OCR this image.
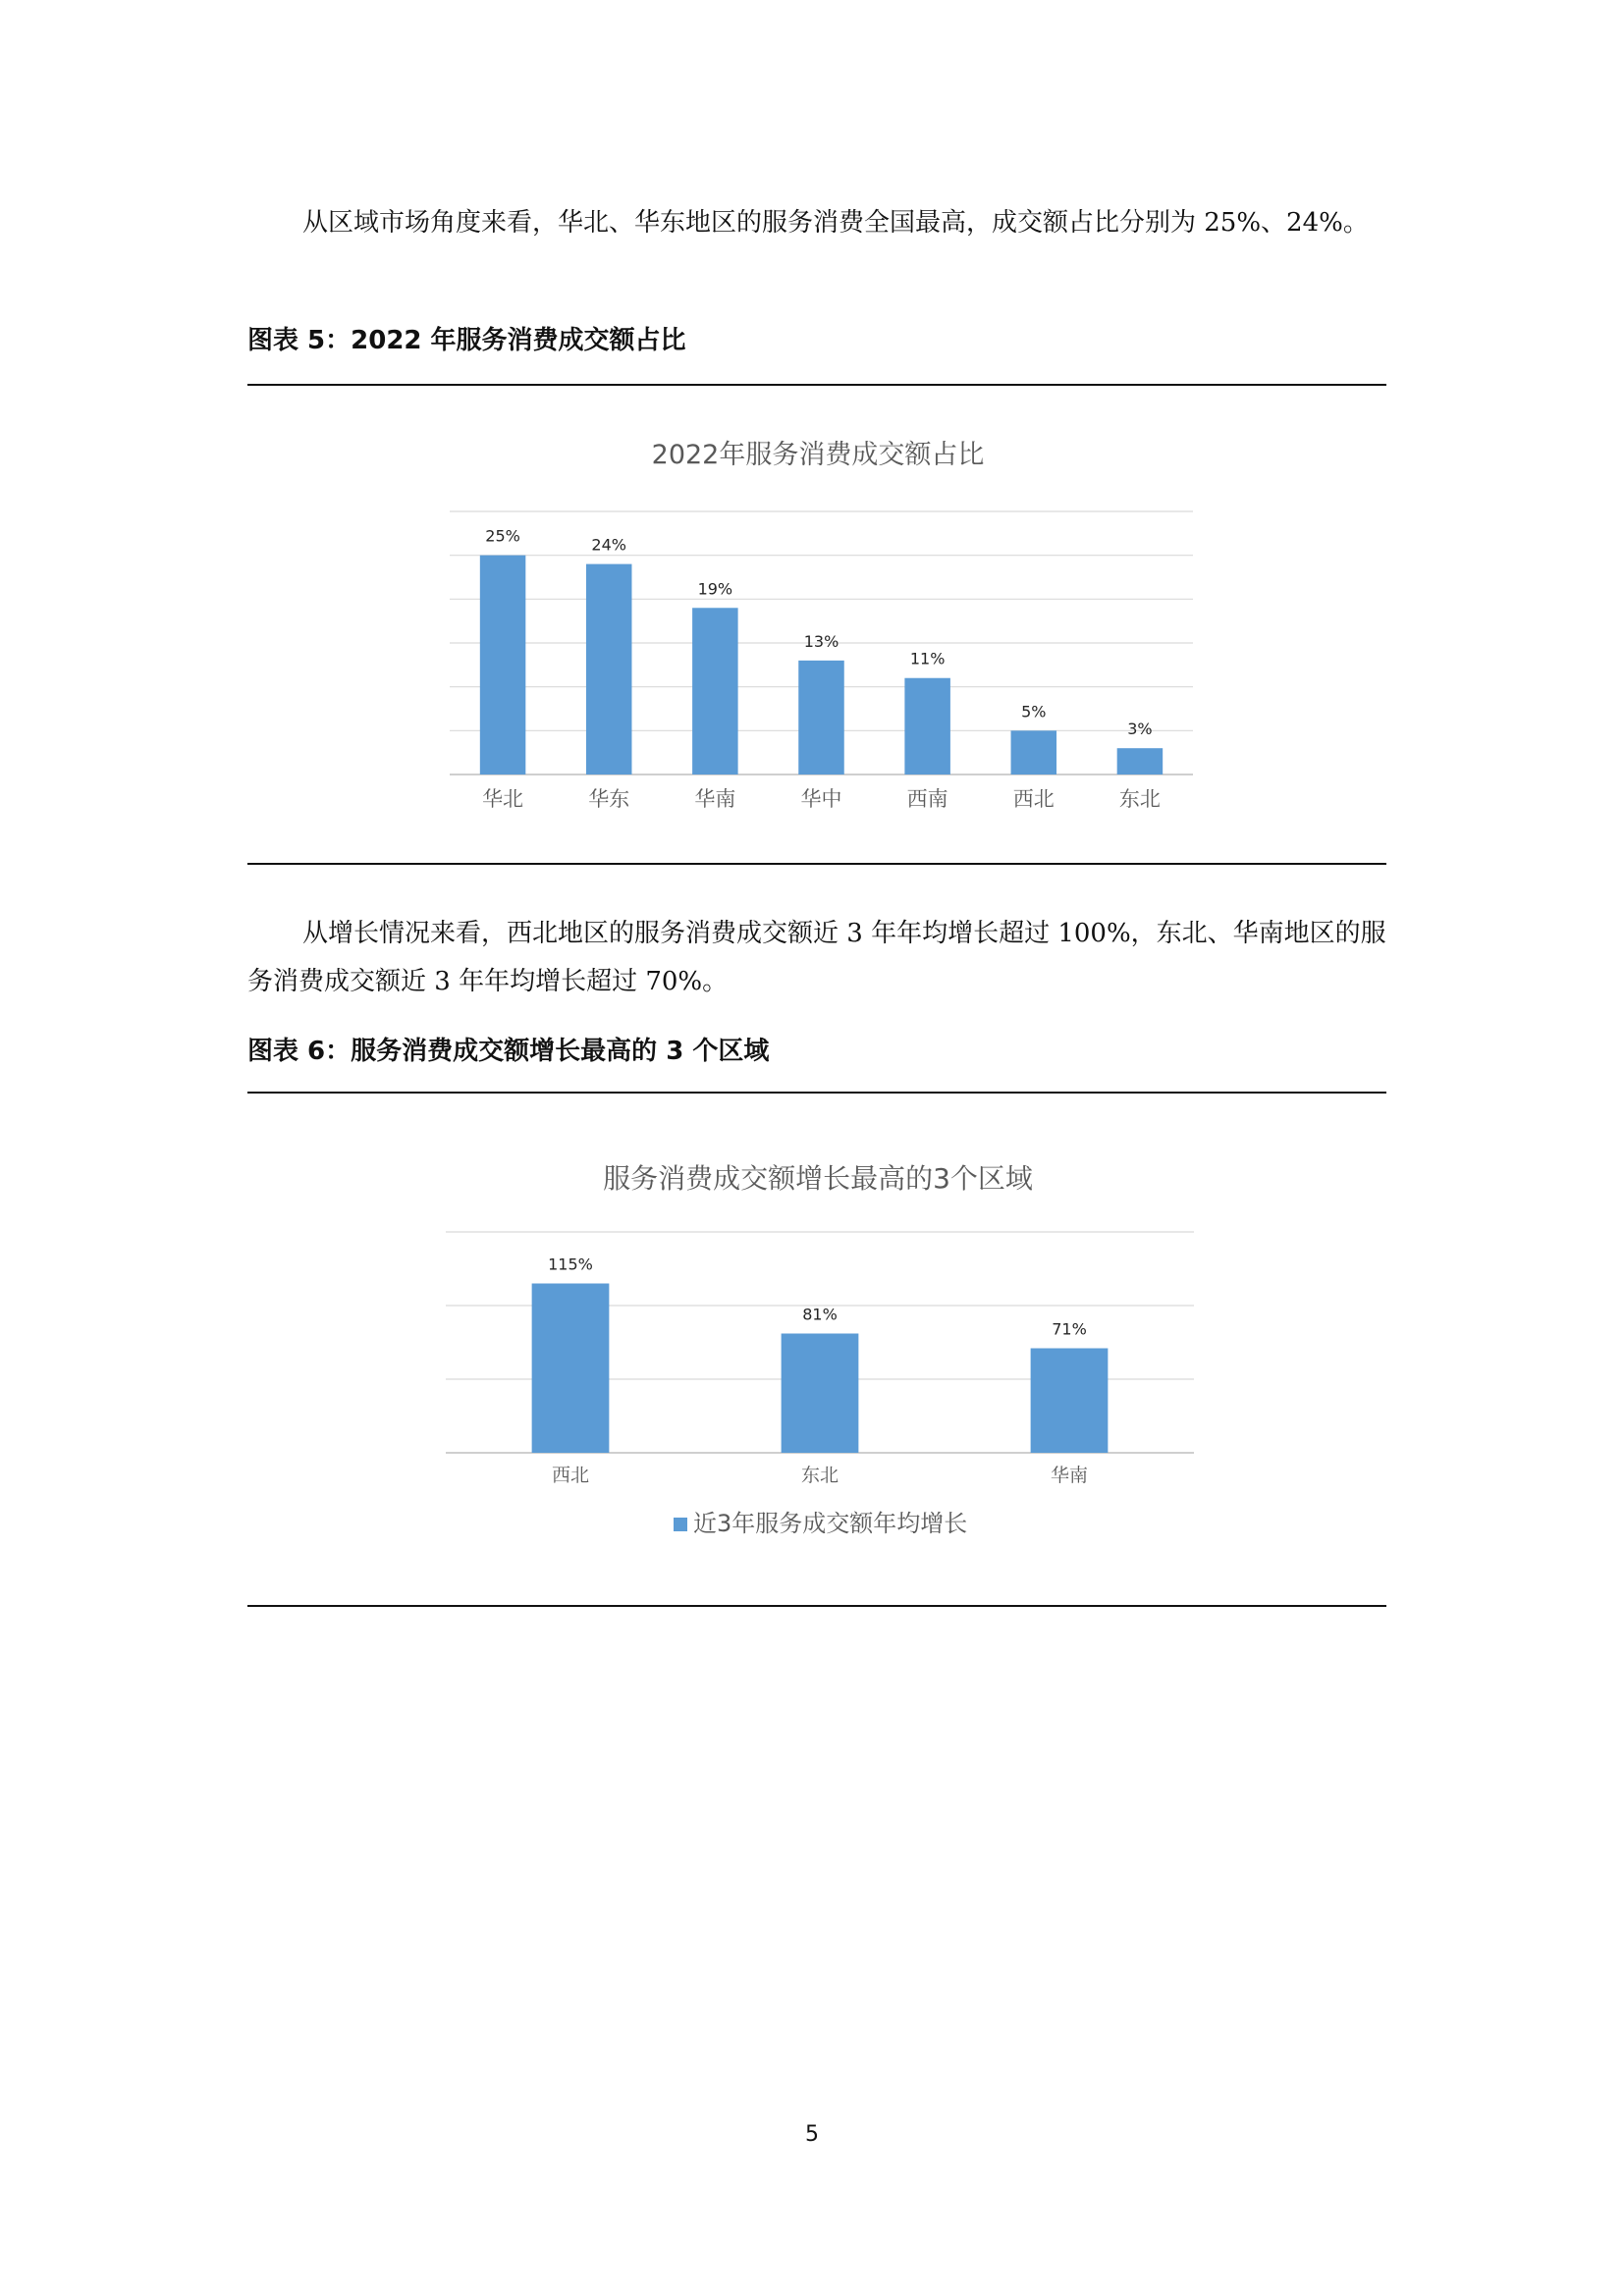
从区域市场角度来看，华北、华东地区的服务消费全国最高，成交额占比分别为 25%、24%。

图表 5：2022 年服务消费成交额占比

2022年服务消费成交额占比
25%
华北
24%
华东
19%
华南
13%
华中
11%
西南
5%
西北
3%
东北

从增长情况来看，西北地区的服务消费成交额近 3 年年均增长超过 100%，东北、华南地区的服务消费成交额近 3 年年均增长超过 70%。

图表 6：服务消费成交额增长最高的 3 个区域

服务消费成交额增长最高的3个区域
115%
西北
81%
东北
71%
华南
近3年服务成交额年均增长
5
